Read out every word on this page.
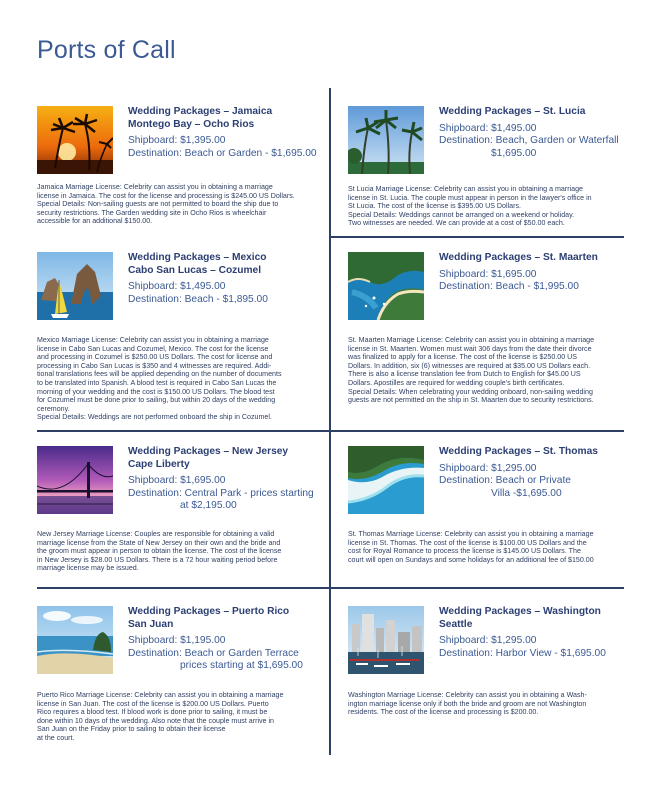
Ports of Call
Wedding Packages – Jamaica
Montego Bay – Ocho Rios
Shipboard: $1,395.00
Destination: Beach or Garden - $1,695.00
Jamaica Marriage License: Celebrity can assist you in obtaining a marriage
license in Jamaica. The cost for the license and processing is $245.00 US Dollars.
Special Details: Non-sailing guests are not permitted to board the ship due to
security restrictions. The Garden wedding site in Ocho Rios is wheelchair
accessible for an additional $150.00.
Wedding Packages – St. Lucia
Shipboard: $1,495.00
Destination: Beach, Garden or Waterfall
$1,695.00
St Lucia Marriage License: Celebrity can assist you in obtaining a marriage
license in St. Lucia. The couple must appear in person in the lawyer's office in
St Lucia. The cost of the license is $395.00 US Dollars.
Special Details: Weddings cannot be arranged on a weekend or holiday.
Two witnesses are needed. We can provide at a cost of $50.00 each.
Wedding Packages – Mexico
Cabo San Lucas – Cozumel
Shipboard: $1,495.00
Destination: Beach - $1,895.00
Mexico Marriage License: Celebrity can assist you in obtaining a marriage
license in Cabo San Lucas and Cozumel, Mexico. The cost for the license
and processing in Cozumel is $250.00 US Dollars. The cost for license and
processing in Cabo San Lucas is $350 and 4 witnesses are required. Addi-
tional translations fees will be applied depending on the number of documents
to be translated into Spanish. A blood test is required in Cabo San Lucas the
morning of your wedding and the cost is $150.00 US Dollars. The blood test
for Cozumel must be done prior to sailing, but within 20 days of the wedding
ceremony.
Special Details: Weddings are not performed onboard the ship in Cozumel.
Wedding Packages – St. Maarten
Shipboard: $1,695.00
Destination: Beach - $1,995.00
St. Maarten Marriage License: Celebrity can assist you in obtaining a marriage
license in St. Maarten. Women must wait 306 days from the date their divorce
was finalized to apply for a license. The cost of the license is $250.00 US
Dollars. In addition, six (6) witnesses are required at $35.00 US Dollars each.
There is also a license translation fee from Dutch to English for $45.00 US
Dollars. Apostilles are required for wedding couple's birth certificates.
Special Details: When celebrating your wedding onboard, non-sailing wedding
guests are not permitted on the ship in St. Maarten due to security restrictions.
Wedding Packages – New Jersey
Cape Liberty
Shipboard: $1,695.00
Destination: Central Park - prices starting
at $2,195.00
New Jersey Marriage License: Couples are responsible for obtaining a valid
marriage license from the State of New Jersey on their own and the bride and
the groom must appear in person to obtain the license. The cost of the license
in New Jersey is $28.00 US Dollars. There is a 72 hour waiting period before
marriage license may be issued.
Wedding Packages – St. Thomas
Shipboard: $1,295.00
Destination: Beach or Private
Villa -$1,695.00
St. Thomas Marriage License: Celebrity can assist you in obtaining a marriage
license in St. Thomas. The cost of the license is $100.00 US Dollars and the
cost for Royal Romance to process the license is $145.00 US Dollars. The
court will open on Sundays and some holidays for an additional fee of $150.00
Wedding Packages – Puerto Rico
San Juan
Shipboard: $1,195.00
Destination: Beach or Garden Terrace
prices starting at $1,695.00
Puerto Rico Marriage License: Celebrity can assist you in obtaining a marriage
license in San Juan. The cost of the license is $200.00 US Dollars. Puerto
Rico requires a blood test. If blood work is done prior to sailing, it must be
done within 10 days of the wedding. Also note that the couple must arrive in
San Juan on the Friday prior to sailing to obtain their license
at the court.
Wedding Packages – Washington
Seattle
Shipboard: $1,295.00
Destination: Harbor View - $1,695.00
Washington Marriage License: Celebrity can assist you in obtaining a Wash-
ington marriage license only if both the bride and groom are not Washington
residents. The cost of the license and processing is $200.00.
